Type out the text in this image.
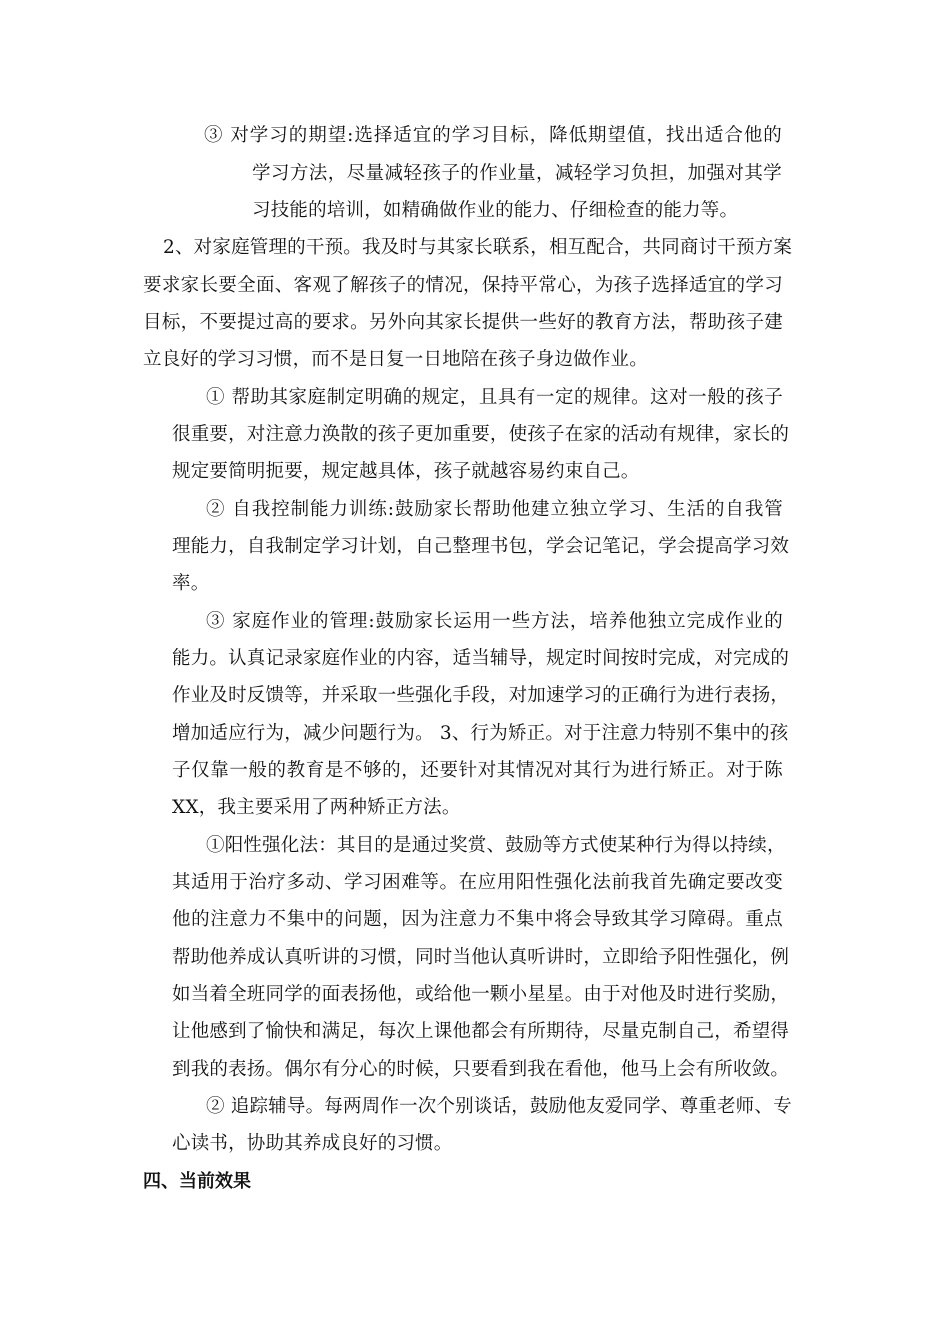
③ 对学习的期望:选择适宜的学习目标，降低期望值，找出适合他的
学习方法，尽量减轻孩子的作业量，减轻学习负担，加强对其学
习技能的培训，如精确做作业的能力、仔细检查的能力等。
2、对家庭管理的干预。我及时与其家长联系，相互配合，共同商讨干预方案
要求家长要全面、客观了解孩子的情况，保持平常心，为孩子选择适宜的学习
目标，不要提过高的要求。另外向其家长提供一些好的教育方法，帮助孩子建
立良好的学习习惯，而不是日复一日地陪在孩子身边做作业。
① 帮助其家庭制定明确的规定，且具有一定的规律。这对一般的孩子
很重要，对注意力涣散的孩子更加重要，使孩子在家的活动有规律，家长的
规定要简明扼要，规定越具体，孩子就越容易约束自己。
② 自我控制能力训练:鼓励家长帮助他建立独立学习、生活的自我管
理能力，自我制定学习计划，自己整理书包，学会记笔记，学会提高学习效
率。
③ 家庭作业的管理:鼓励家长运用一些方法，培养他独立完成作业的
能力。认真记录家庭作业的内容，适当辅导，规定时间按时完成，对完成的
作业及时反馈等，并采取一些强化手段，对加速学习的正确行为进行表扬，
增加适应行为，减少问题行为。 3、行为矫正。对于注意力特别不集中的孩
子仅靠一般的教育是不够的，还要针对其情况对其行为进行矫正。对于陈
XX，我主要采用了两种矫正方法。
①阳性强化法：其目的是通过奖赏、鼓励等方式使某种行为得以持续，
其适用于治疗多动、学习困难等。在应用阳性强化法前我首先确定要改变
他的注意力不集中的问题，因为注意力不集中将会导致其学习障碍。重点
帮助他养成认真听讲的习惯，同时当他认真听讲时，立即给予阳性强化，例
如当着全班同学的面表扬他，或给他一颗小星星。由于对他及时进行奖励，
让他感到了愉快和满足，每次上课他都会有所期待，尽量克制自己，希望得
到我的表扬。偶尔有分心的时候，只要看到我在看他，他马上会有所收敛。
② 追踪辅导。每两周作一次个别谈话，鼓励他友爱同学、尊重老师、专
心读书，协助其养成良好的习惯。
四、当前效果
